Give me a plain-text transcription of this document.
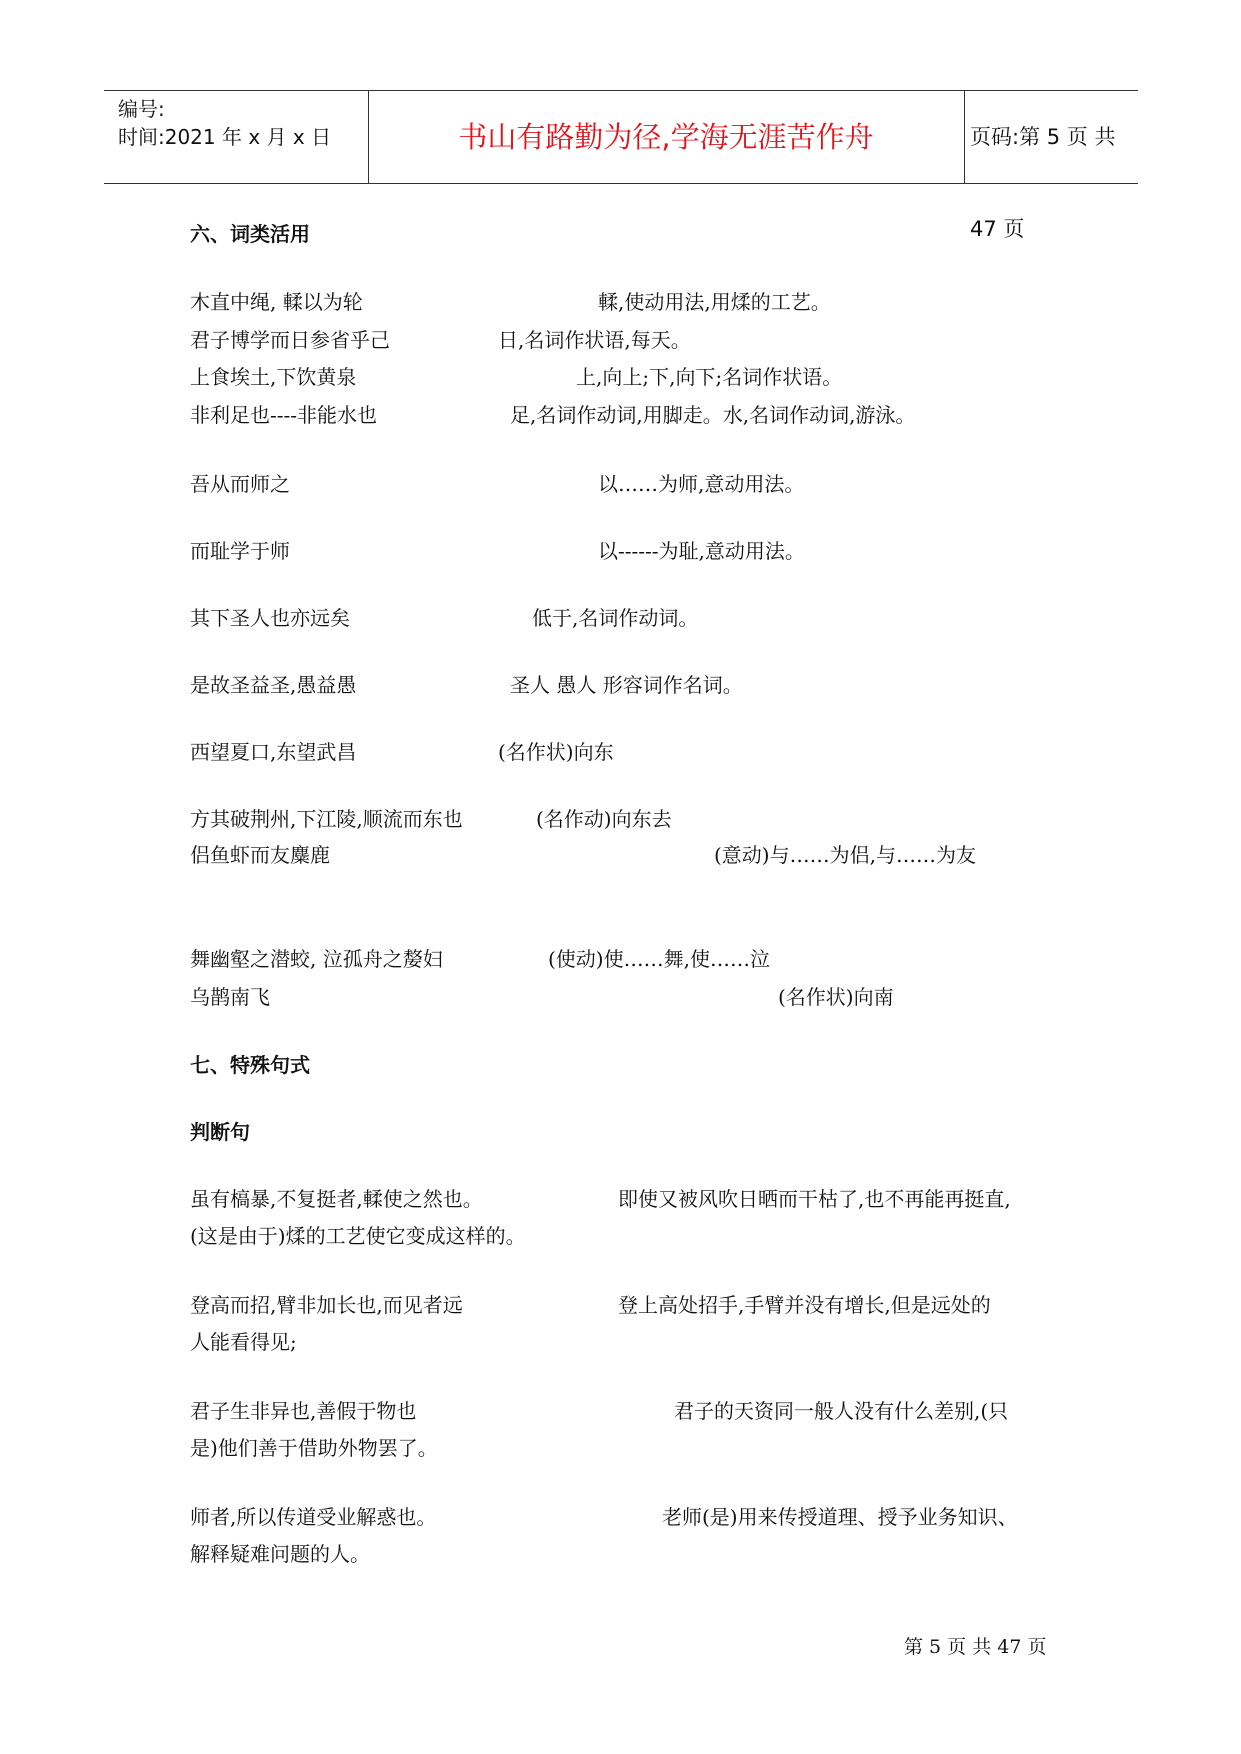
编号:
时间:2021 年 x 月 x 日	书山有路勤为径,学海无涯苦作舟	页码:第 5 页 共 47 页
六、词类活用
木直中绳, 輮以为轮	輮,使动用法,用煣的工艺。
君子博学而日参省乎己	日,名词作状语,每天。
上食埃土,下饮黄泉	上,向上;下,向下;名词作状语。
非利足也----非能水也	足,名词作动词,用脚走。水,名词作动词,游泳。
吾从而师之	以……为师,意动用法。
而耻学于师	以------为耻,意动用法。
其下圣人也亦远矣	低于,名词作动词。
是故圣益圣,愚益愚	圣人 愚人 形容词作名词。
西望夏口,东望武昌	(名作状)向东
方其破荆州,下江陵,顺流而东也	(名作动)向东去
侣鱼虾而友麋鹿	(意动)与……为侣,与……为友
舞幽壑之潜蛟, 泣孤舟之嫠妇	(使动)使……舞,使……泣
乌鹊南飞	(名作状)向南
七、特殊句式
判断句
虽有槁暴,不复挺者,輮使之然也。	即使又被风吹日晒而干枯了,也不再能再挺直,
(这是由于)煣的工艺使它变成这样的。
登高而招,臂非加长也,而见者远	登上高处招手,手臂并没有增长,但是远处的
人能看得见;
君子生非异也,善假于物也	君子的天资同一般人没有什么差别,(只
是)他们善于借助外物罢了。
师者,所以传道受业解惑也。	老师(是)用来传授道理、授予业务知识、
解释疑难问题的人。
第 5 页 共 47 页
